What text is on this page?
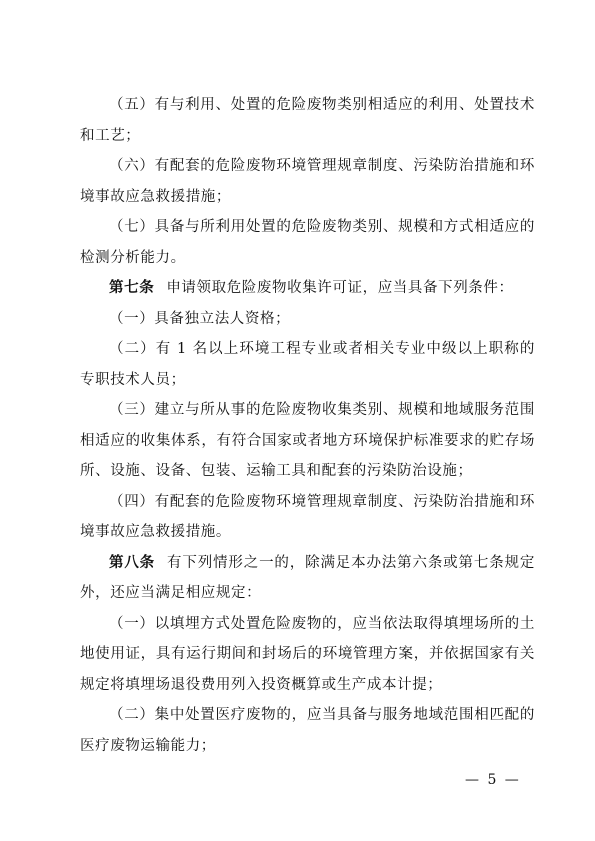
（五）有与利用、处置的危险废物类别相适应的利用、处置技术和工艺；

（六）有配套的危险废物环境管理规章制度、污染防治措施和环境事故应急救援措施；

（七）具备与所利用处置的危险废物类别、规模和方式相适应的检测分析能力。

第七条 申请领取危险废物收集许可证，应当具备下列条件：

（一）具备独立法人资格；

（二）有 1 名以上环境工程专业或者相关专业中级以上职称的专职技术人员；

（三）建立与所从事的危险废物收集类别、规模和地域服务范围相适应的收集体系，有符合国家或者地方环境保护标准要求的贮存场所、设施、设备、包装、运输工具和配套的污染防治设施；

（四）有配套的危险废物环境管理规章制度、污染防治措施和环境事故应急救援措施。

第八条 有下列情形之一的，除满足本办法第六条或第七条规定外，还应当满足相应规定：

（一）以填埋方式处置危险废物的，应当依法取得填埋场所的土地使用证，具有运行期间和封场后的环境管理方案，并依据国家有关规定将填埋场退役费用列入投资概算或生产成本计提；

（二）集中处置医疗废物的，应当具备与服务地域范围相匹配的医疗废物运输能力；

— 5 —
